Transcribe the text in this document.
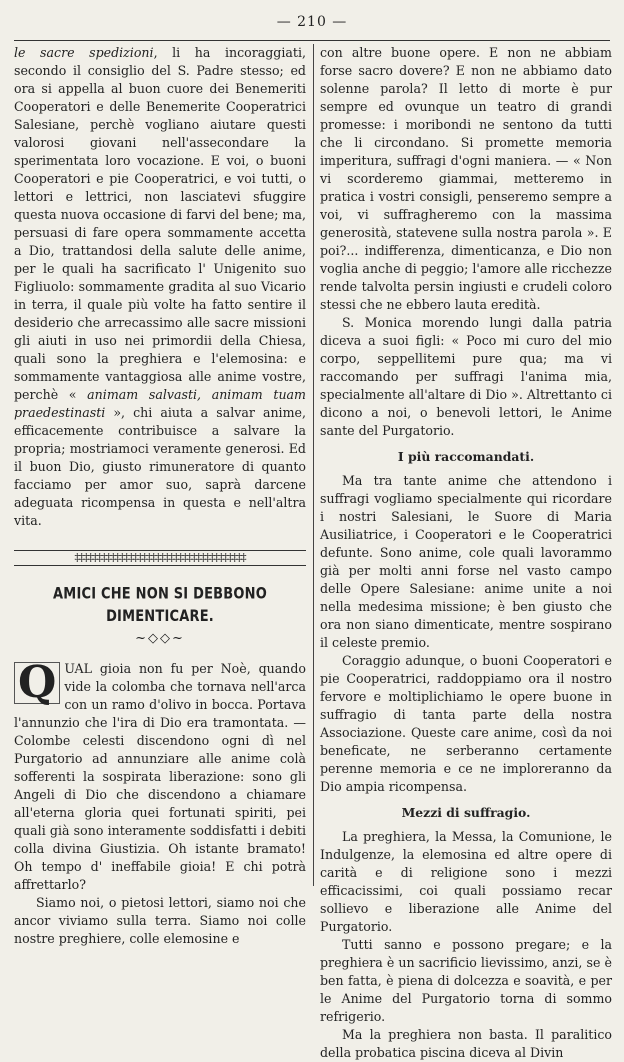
— 210 —

le sacre spedizioni, li ha incoraggiati, secondo il consiglio del S. Padre stesso; ed ora si appella al buon cuore dei Benemeriti Cooperatori e delle Benemerite Cooperatrici Salesiane, perchè vogliano aiutare questi valorosi giovani nell'assecondare la sperimentata loro vocazione. E voi, o buoni Cooperatori e pie Cooperatrici, e voi tutti, o lettori e lettrici, non lasciatevi sfuggire questa nuova occasione di farvi del bene; ma, persuasi di fare opera sommamente accetta a Dio, trattandosi della salute delle anime, per le quali ha sacrificato l' Unigenito suo Figliuolo: sommamente gradita al suo Vicario in terra, il quale più volte ha fatto sentire il desiderio che arrecassimo alle sacre missioni gli aiuti in uso nei primordii della Chiesa, quali sono la preghiera e l'elemosina: e sommamente vantaggiosa alle anime vostre, perchè « animam salvasti, animam tuam praedestinasti », chi aiuta a salvar anime, efficacemente contribuisce a salvare la propria; mostriamoci veramente generosi. Ed il buon Dio, giusto rimuneratore di quanto facciamo per amor suo, saprà darcene adeguata ricompensa in questa e nell'altra vita.

‡‡‡‡‡‡‡‡‡‡‡‡‡‡‡‡‡‡‡‡‡‡‡‡‡‡‡‡‡‡‡‡‡‡‡‡‡‡
AMICI CHE NON SI DEBBONO DIMENTICARE.
~◇◇~

Q UAL gioia non fu per Noè, quando vide la colomba che tornava nell'arca con un ramo d'olivo in bocca. Portava l'annunzio che l'ira di Dio era tramontata. — Colombe celesti discendono ogni dì nel Purgatorio ad annunziare alle anime colà sofferenti la sospirata liberazione: sono gli Angeli di Dio che discendono a chiamare all'eterna gloria quei fortunati spiriti, pei quali già sono interamente soddisfatti i debiti colla divina Giustizia. Oh istante bramato! Oh tempo d' ineffabile gioia! E chi potrà affrettarlo?

Siamo noi, o pietosi lettori, siamo noi che ancor viviamo sulla terra. Siamo noi colle nostre preghiere, colle elemosine e

con altre buone opere. E non ne abbiam forse sacro dovere? E non ne abbiamo dato solenne parola? Il letto di morte è pur sempre ed ovunque un teatro di grandi promesse: i moribondi ne sentono da tutti che li circondano. Si promette memoria imperitura, suffragi d'ogni maniera. — « Non vi scorderemo giammai, metteremo in pratica i vostri consigli, penseremo sempre a voi, vi suffragheremo con la massima generosità, statevene sulla nostra parola ». E poi?... indifferenza, dimenticanza, e Dio non voglia anche di peggio; l'amore alle ricchezze rende talvolta persin ingiusti e crudeli coloro stessi che ne ebbero lauta eredità.

S. Monica morendo lungi dalla patria diceva a suoi figli: « Poco mi curo del mio corpo, seppellitemi pure qua; ma vi raccomando per suffragi l'anima mia, specialmente all'altare di Dio ». Altrettanto ci dicono a noi, o benevoli lettori, le Anime sante del Purgatorio.

I più raccomandati.

Ma tra tante anime che attendono i suffragi vogliamo specialmente qui ricordare i nostri Salesiani, le Suore di Maria Ausiliatrice, i Cooperatori e le Cooperatrici defunte. Sono anime, cole quali lavorammo già per molti anni forse nel vasto campo delle Opere Salesiane: anime unite a noi nella medesima missione; è ben giusto che ora non siano dimenticate, mentre sospirano il celeste premio.

Coraggio adunque, o buoni Cooperatori e pie Cooperatrici, raddoppiamo ora il nostro fervore e moltiplichiamo le opere buone in suffragio di tanta parte della nostra Associazione. Queste care anime, così da noi beneficate, ne serberanno certamente perenne memoria e ce ne imploreranno da Dio ampia ricompensa.

Mezzi di suffragio.

La preghiera, la Messa, la Comunione, le Indulgenze, la elemosina ed altre opere di carità e di religione sono i mezzi efficacissimi, coi quali possiamo recar sollievo e liberazione alle Anime del Purgatorio.

Tutti sanno e possono pregare; e la preghiera è un sacrificio lievissimo, anzi, se è ben fatta, è piena di dolcezza e soavità, e per le Anime del Purgatorio torna di sommo refrigerio.

Ma la preghiera non basta. Il paralitico della probatica piscina diceva al Divin
